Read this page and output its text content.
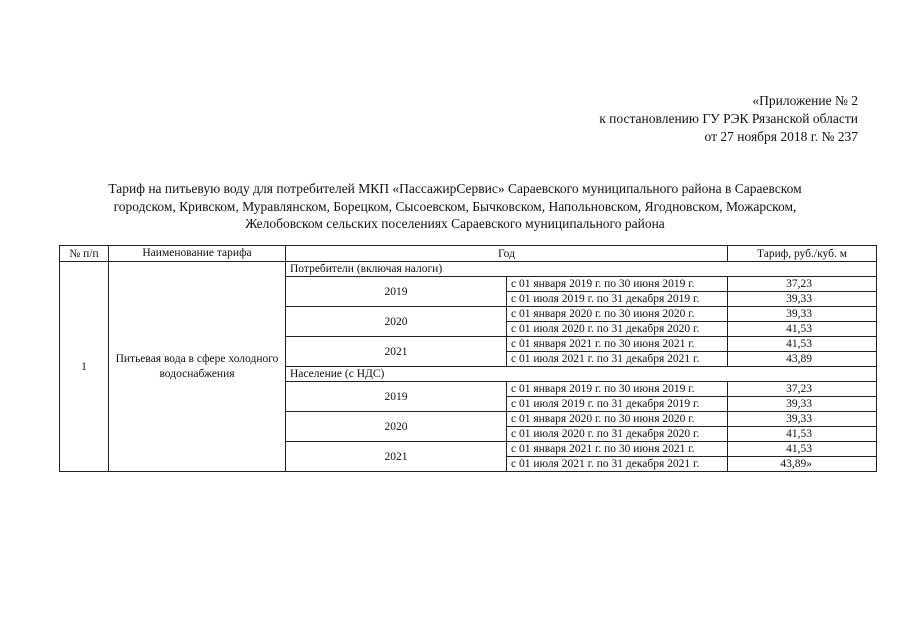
«Приложение № 2
к постановлению ГУ РЭК Рязанской области
от 27 ноября 2018 г. № 237
Тариф на питьевую воду для потребителей МКП «ПассажирСервис» Сараевского муниципального района в Сараевском
городском, Кривском, Муравлянском, Борецком, Сысоевском, Бычковском, Напольновском, Ягодновском, Можарском,
Желобовском сельских поселениях Сараевского муниципального района
№ п/п	Наименование тарифа	Год		Тариф, руб./куб. м
1	Питьевая вода в сфере холодного водоснабжения	Потребители (включая налоги)		
		2019	с 01 января 2019 г. по 30 июня 2019 г.	37,23
			с 01 июля 2019 г. по 31 декабря 2019 г.	39,33
		2020	с 01 января 2020 г. по 30 июня 2020 г.	39,33
			с 01 июля 2020 г. по 31 декабря 2020 г.	41,53
		2021	с 01 января 2021 г. по 30 июня 2021 г.	41,53
			с 01 июля 2021 г. по 31 декабря 2021 г.	43,89
		Население (с НДС)		
		2019	с 01 января 2019 г. по 30 июня 2019 г.	37,23
			с 01 июля 2019 г. по 31 декабря 2019 г.	39,33
		2020	с 01 января 2020 г. по 30 июня 2020 г.	39,33
			с 01 июля 2020 г. по 31 декабря 2020 г.	41,53
		2021	с 01 января 2021 г. по 30 июня 2021 г.	41,53
			с 01 июля 2021 г. по 31 декабря 2021 г.	43,89»
